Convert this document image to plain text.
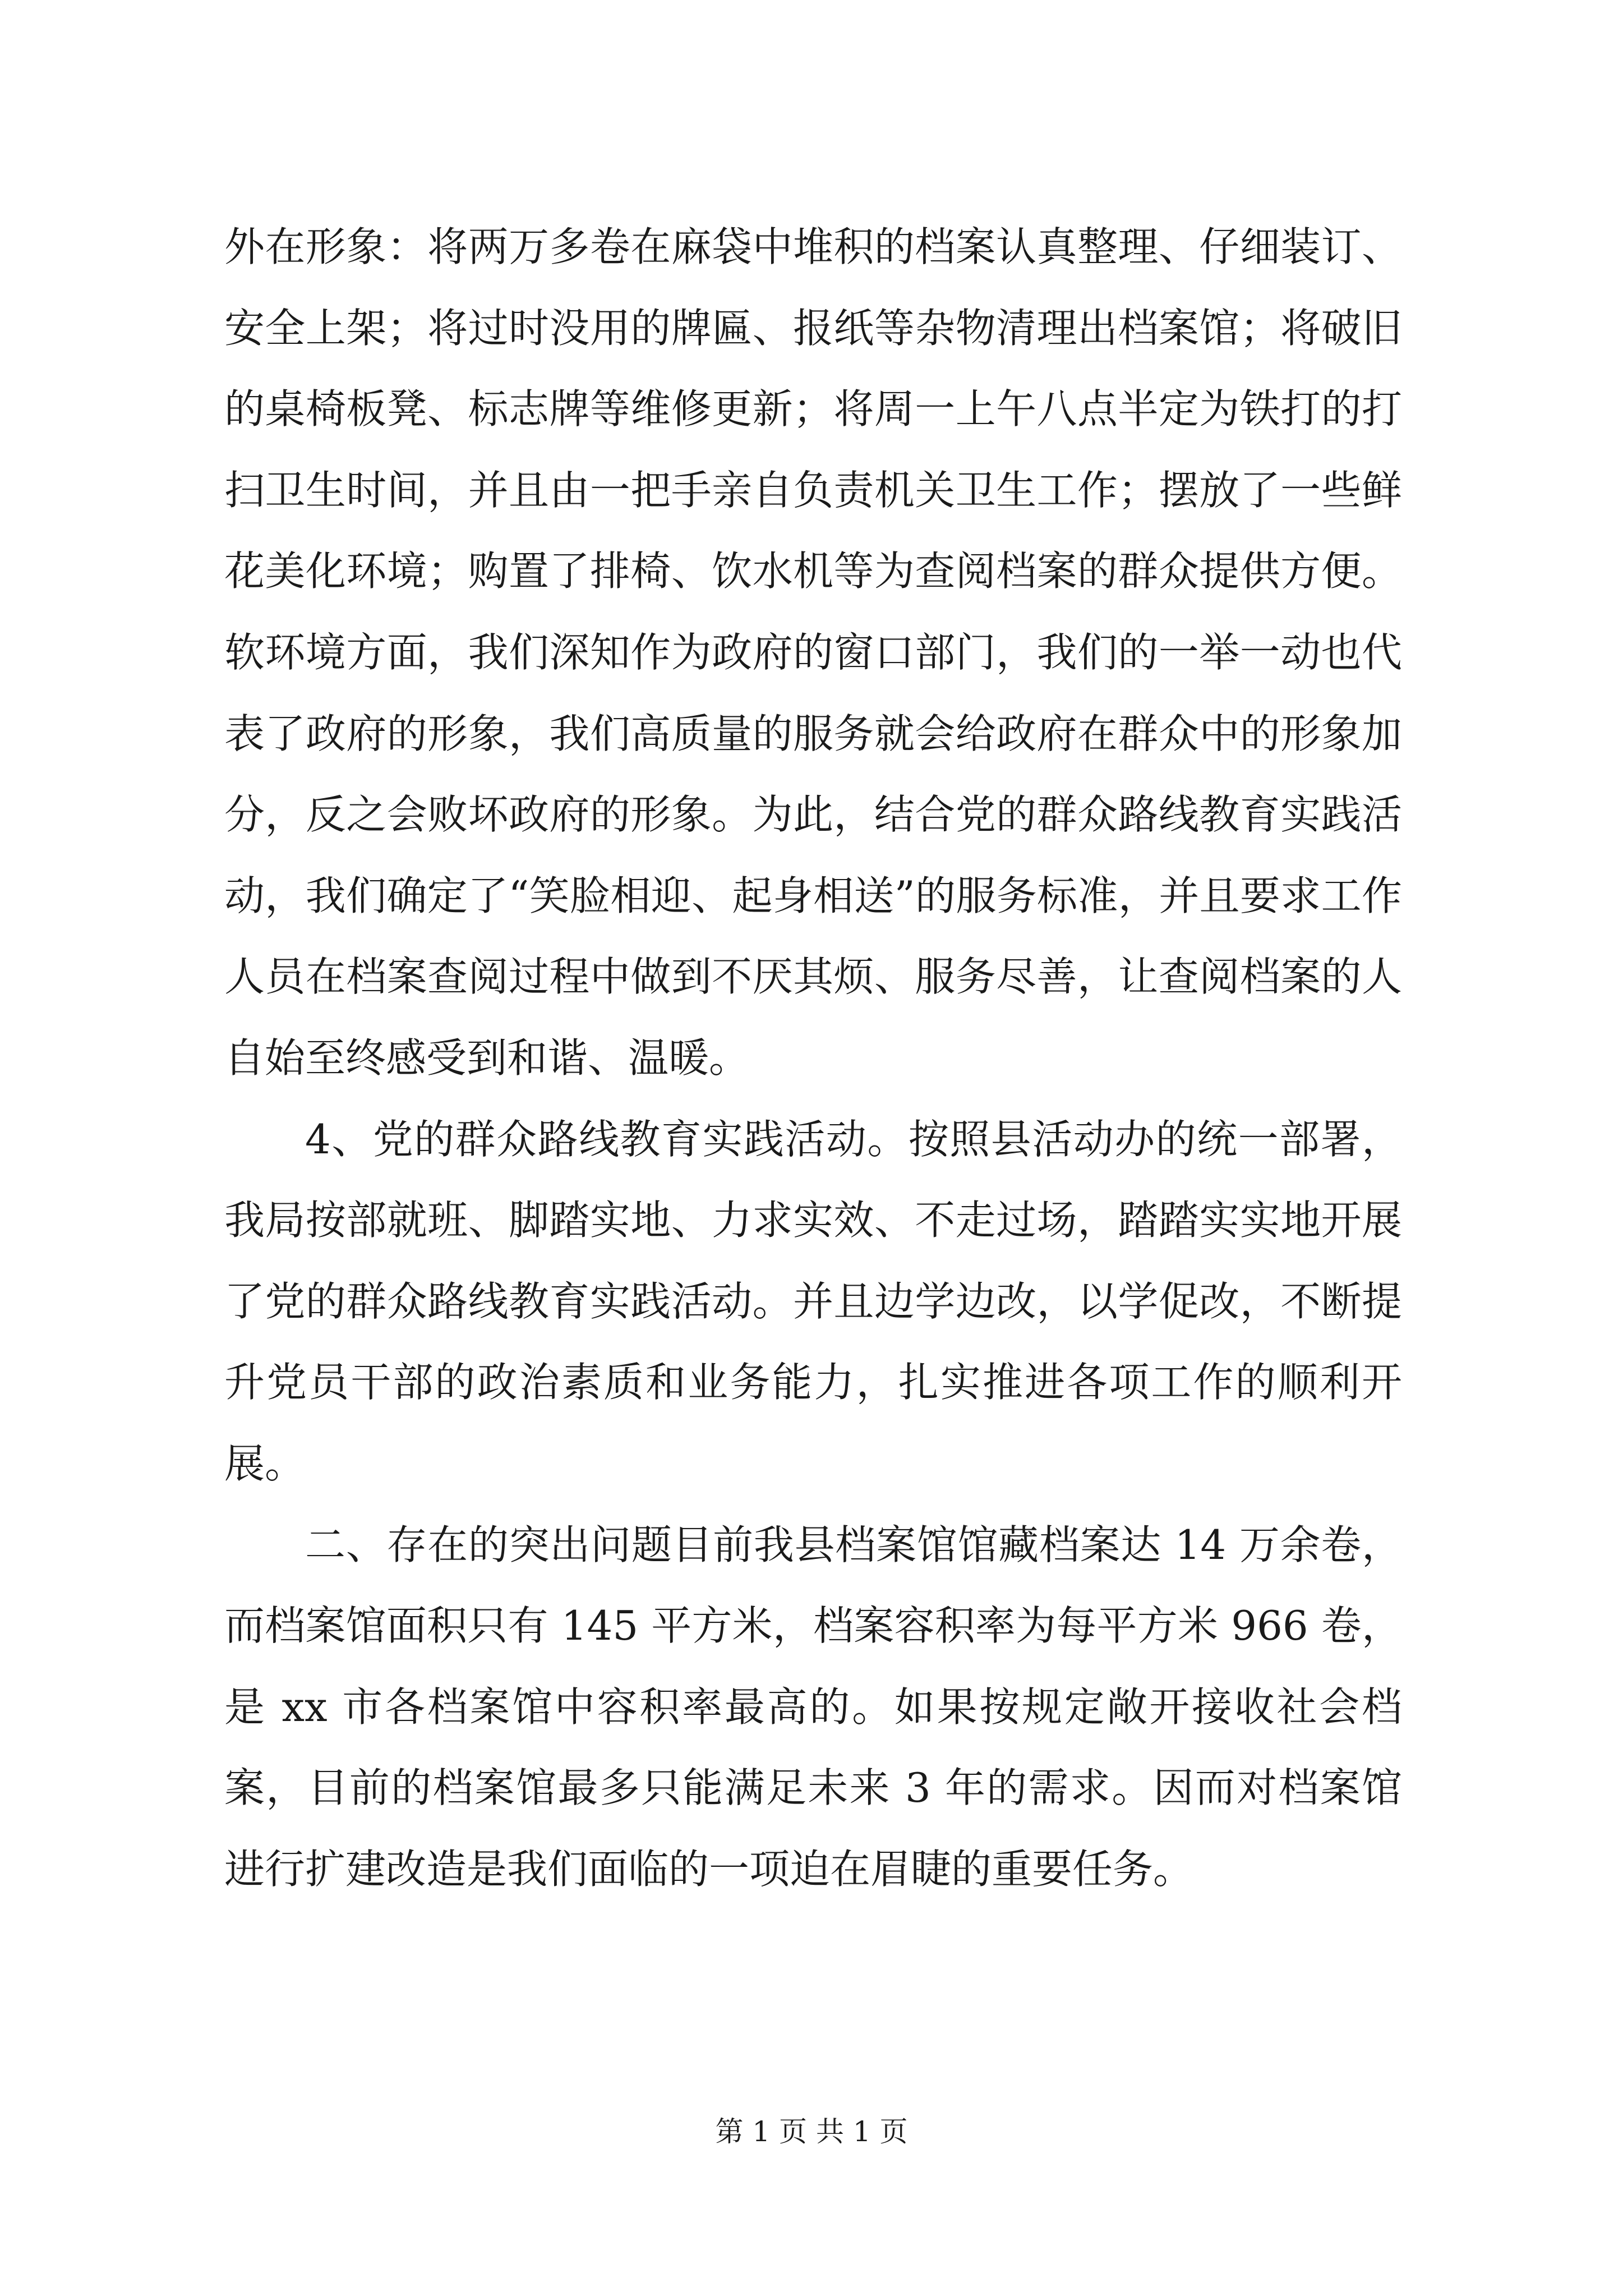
外在形象：将两万多卷在麻袋中堆积的档案认真整理、仔细装订、安全上架；将过时没用的牌匾、报纸等杂物清理出档案馆；将破旧的桌椅板凳、标志牌等维修更新；将周一上午八点半定为铁打的打扫卫生时间，并且由一把手亲自负责机关卫生工作；摆放了一些鲜花美化环境；购置了排椅、饮水机等为查阅档案的群众提供方便。软环境方面，我们深知作为政府的窗口部门，我们的一举一动也代表了政府的形象，我们高质量的服务就会给政府在群众中的形象加分，反之会败坏政府的形象。为此，结合党的群众路线教育实践活动，我们确定了“笑脸相迎、起身相送”的服务标准，并且要求工作人员在档案查阅过程中做到不厌其烦、服务尽善，让查阅档案的人自始至终感受到和谐、温暖。

4、党的群众路线教育实践活动。按照县活动办的统一部署，我局按部就班、脚踏实地、力求实效、不走过场，踏踏实实地开展了党的群众路线教育实践活动。并且边学边改，以学促改，不断提升党员干部的政治素质和业务能力，扎实推进各项工作的顺利开展。

二、存在的突出问题目前我县档案馆馆藏档案达 14 万余卷，而档案馆面积只有 145 平方米，档案容积率为每平方米 966 卷，是 xx 市各档案馆中容积率最高的。如果按规定敞开接收社会档案，目前的档案馆最多只能满足未来 3 年的需求。因而对档案馆进行扩建改造是我们面临的一项迫在眉睫的重要任务。

第 1 页 共 1 页
